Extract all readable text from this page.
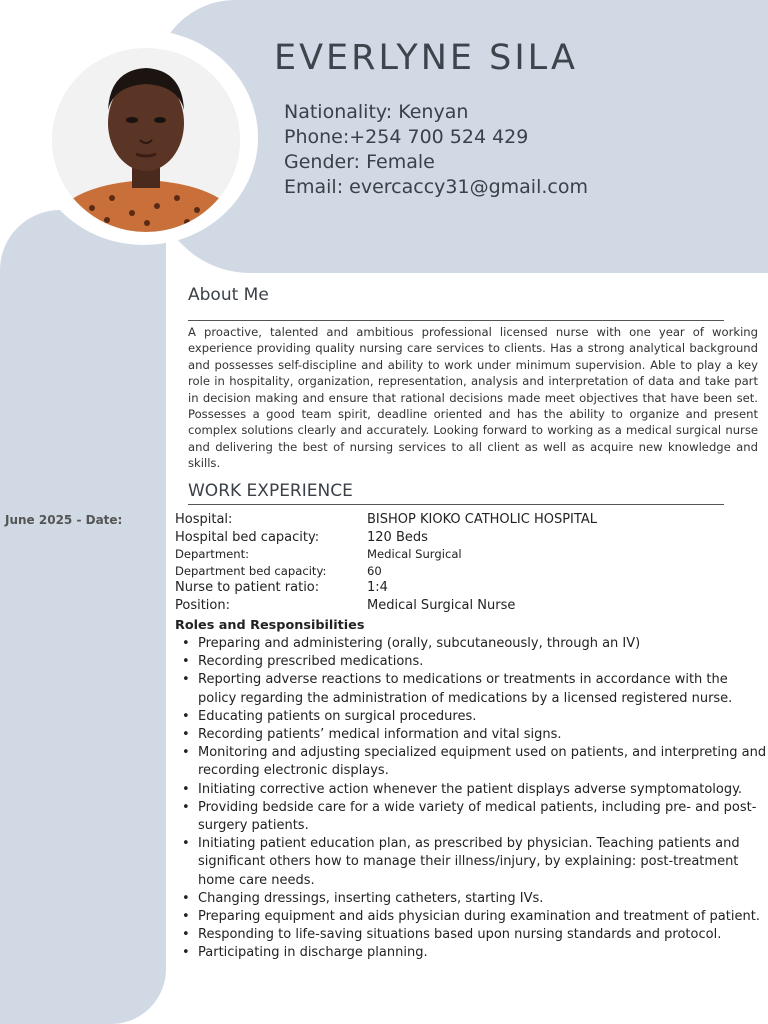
EVERLYNE SILA
Nationality: Kenyan
Phone:+254 700 524 429
Gender: Female
Email: evercaccy31@gmail.com
About Me
A proactive, talented and ambitious professional licensed nurse with one year of working experience providing quality nursing care services to clients. Has a strong analytical background and possesses self-discipline and ability to work under minimum supervision. Able to play a key role in hospitality, organization, representation, analysis and interpretation of data and take part in decision making and ensure that rational decisions made meet objectives that have been set. Possesses a good team spirit, deadline oriented and has the ability to organize and present complex solutions clearly and accurately. Looking forward to working as a medical surgical nurse and delivering the best of nursing services to all client as well as acquire new knowledge and skills.
WORK EXPERIENCE
June 2025 - Date:	Hospital:	BISHOP KIOKO CATHOLIC HOSPITAL
Hospital bed capacity:	120 Beds
Department:	Medical Surgical
Department bed capacity:	60
Nurse to patient ratio:	1:4
Position:	Medical Surgical Nurse
Roles and Responsibilities
• Preparing and administering (orally, subcutaneously, through an IV)
• Recording prescribed medications.
• Reporting adverse reactions to medications or treatments in accordance with the policy regarding the administration of medications by a licensed registered nurse.
• Educating patients on surgical procedures.
• Recording patients’ medical information and vital signs.
• Monitoring and adjusting specialized equipment used on patients, and interpreting and recording electronic displays.
• Initiating corrective action whenever the patient displays adverse symptomatology.
• Providing bedside care for a wide variety of medical patients, including pre- and post-surgery patients.
• Initiating patient education plan, as prescribed by physician. Teaching patients and significant others how to manage their illness/injury, by explaining: post-treatment home care needs.
• Changing dressings, inserting catheters, starting IVs.
• Preparing equipment and aids physician during examination and treatment of patient.
• Responding to life-saving situations based upon nursing standards and protocol.
• Participating in discharge planning.
